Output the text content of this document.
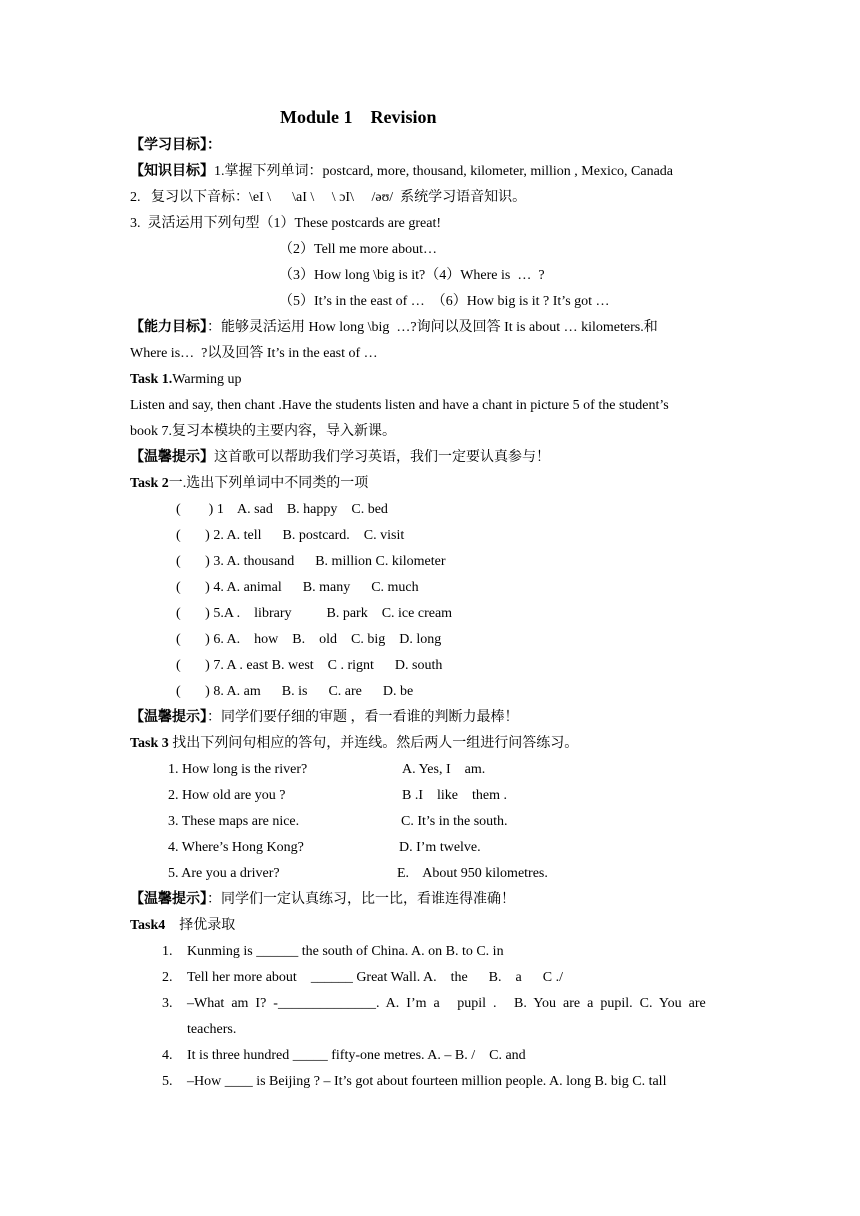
Module 1    Revision
【学习目标】：
【知识目标】1.掌握下列单词：postcard, more, thousand, kilometer, million , Mexico, Canada
2.   复习以下音标：\eI \      \aI \     \ ɔI\     /əʊ/  系统学习语音知识。
3.  灵活运用下列句型（1）These postcards are great!
（2）Tell me more about…
（3）How long \big is it?（4）Where is  …  ?
（5）It’s in the east of …  （6）How big is it ? It’s got …
【能力目标】：能够灵活运用 How long \big  …?询问以及回答 It is about … kilometers.和
Where is…  ?以及回答 It’s in the east of …
Task 1.Warming up
Listen and say, then chant .Have the students listen and have a chant in picture 5 of the student’s
book 7.复习本模块的主要内容，导入新课。
【温馨提示】这首歌可以帮助我们学习英语，我们一定要认真参与！
Task 2一.选出下列单词中不同类的一项
(        ) 1    A. sad    B. happy    C. bed
(       ) 2. A. tell      B. postcard.    C. visit
(       ) 3. A. thousand      B. million C. kilometer
(       ) 4. A. animal      B. many      C. much
(       ) 5.A .    library          B. park    C. ice cream
(       ) 6. A.    how    B.    old    C. big    D. long
(       ) 7. A . east B. west    C . rignt      D. south
(       ) 8. A. am      B. is      C. are      D. be
【温馨提示】：同学们要仔细的审题 ，看一看谁的判断力最棒！
Task 3 找出下列问句相应的答句，并连线。然后两人一组进行问答练习。
1. How long is the river?	A. Yes, I    am.
2. How old are you ?	B .I    like    them .
3. These maps are nice.	C. It’s in the south.
4. Where’s Hong Kong?	D. I’m twelve.
5. Are you a driver?	E.    About 950 kilometres.
【温馨提示】：同学们一定认真练习，比一比，看谁连得准确！
Task4    择优录取
1. Kunming is ______ the south of China. A. on B. to C. in
2. Tell her more about    ______ Great Wall. A.    the      B.    a      C ./
3. –What  am  I?  -______________.  A.  I’m  a     pupil  .     B.  You  are  a  pupil.  C.  You  are
teachers.
4. It is three hundred _____ fifty-one metres. A. – B. /    C. and
5. –How ____ is Beijing ? – It’s got about fourteen million people. A. long B. big C. tall
